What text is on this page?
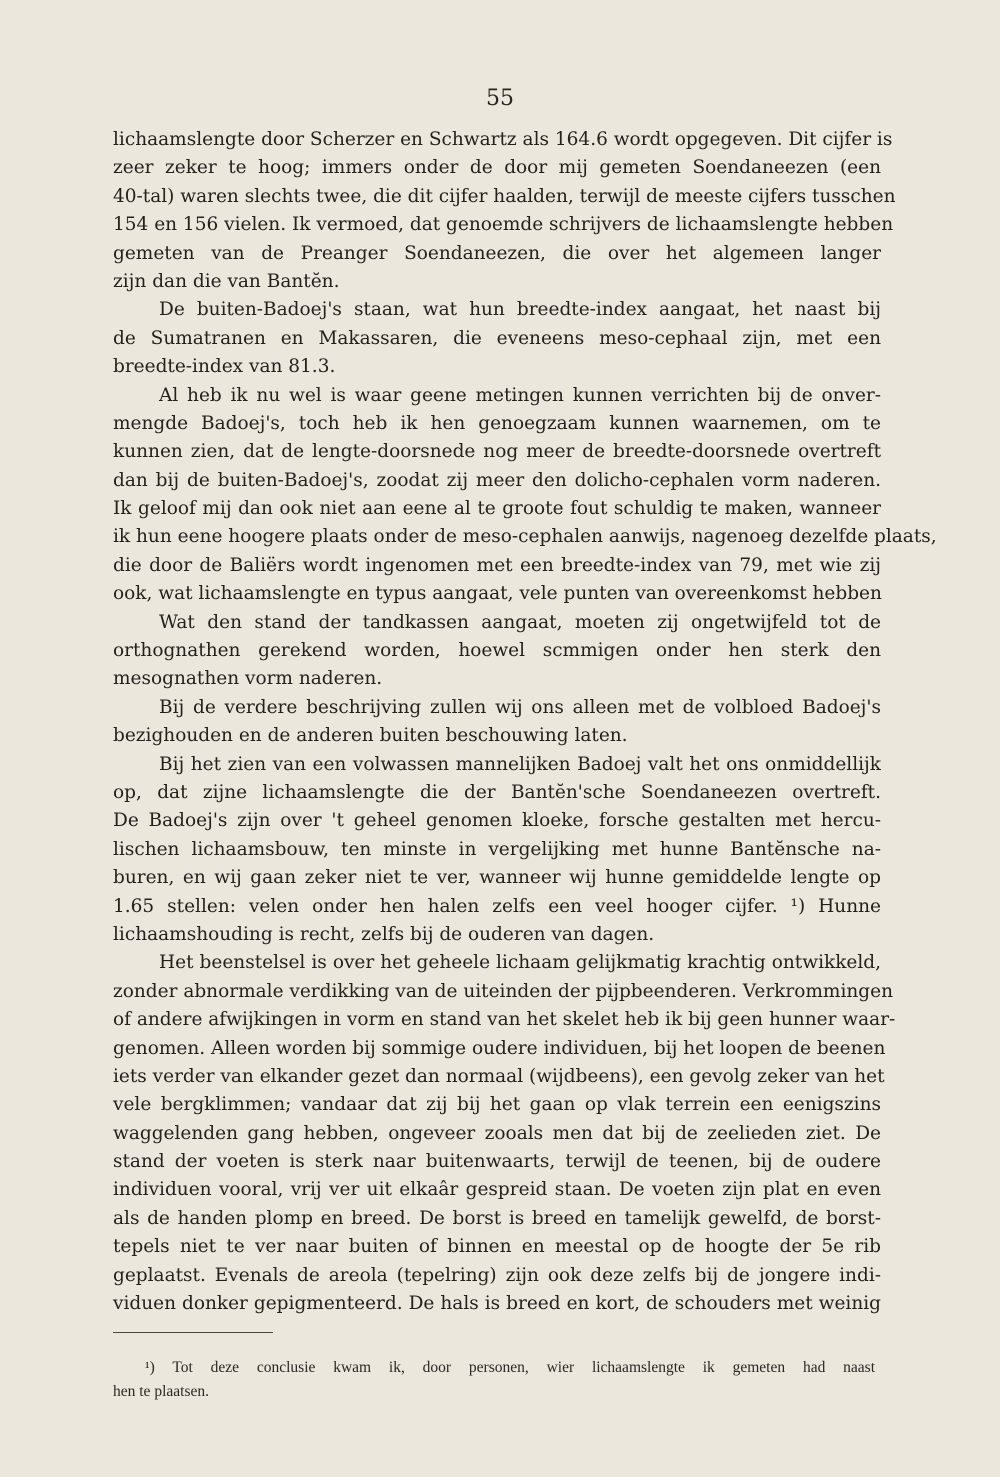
55
lichaamslengte door Scherzer en Schwartz als 164.6 wordt opgegeven. Dit cijfer is
zeer zeker te hoog; immers onder de door mij gemeten Soendaneezen (een
40-tal) waren slechts twee, die dit cijfer haalden, terwijl de meeste cijfers tusschen
154 en 156 vielen. Ik vermoed, dat genoemde schrijvers de lichaamslengte hebben
gemeten van de Preanger Soendaneezen, die over het algemeen langer
zijn dan die van Bantĕn.
De buiten-Badoej's staan, wat hun breedte-index aangaat, het naast bij
de Sumatranen en Makassaren, die eveneens meso-cephaal zijn, met een
breedte-index van 81.3.
Al heb ik nu wel is waar geene metingen kunnen verrichten bij de onver-
mengde Badoej's, toch heb ik hen genoegzaam kunnen waarnemen, om te
kunnen zien, dat de lengte-doorsnede nog meer de breedte-doorsnede overtreft
dan bij de buiten-Badoej's, zoodat zij meer den dolicho-cephalen vorm naderen.
Ik geloof mij dan ook niet aan eene al te groote fout schuldig te maken, wanneer
ik hun eene hoogere plaats onder de meso-cephalen aanwijs, nagenoeg dezelfde plaats,
die door de Baliërs wordt ingenomen met een breedte-index van 79, met wie zij
ook, wat lichaamslengte en typus aangaat, vele punten van overeenkomst hebben
Wat den stand der tandkassen aangaat, moeten zij ongetwijfeld tot de
orthognathen gerekend worden, hoewel scmmigen onder hen sterk den
mesognathen vorm naderen.
Bij de verdere beschrijving zullen wij ons alleen met de volbloed Badoej's
bezighouden en de anderen buiten beschouwing laten.
Bij het zien van een volwassen mannelijken Badoej valt het ons onmiddellijk
op, dat zijne lichaamslengte die der Bantĕn'sche Soendaneezen overtreft.
De Badoej's zijn over 't geheel genomen kloeke, forsche gestalten met hercu-
lischen lichaamsbouw, ten minste in vergelijking met hunne Bantĕnsche na-
buren, en wij gaan zeker niet te ver, wanneer wij hunne gemiddelde lengte op
1.65 stellen: velen onder hen halen zelfs een veel hooger cijfer. ¹) Hunne
lichaamshouding is recht, zelfs bij de ouderen van dagen.
Het beenstelsel is over het geheele lichaam gelijkmatig krachtig ontwikkeld,
zonder abnormale verdikking van de uiteinden der pijpbeenderen. Verkrommingen
of andere afwijkingen in vorm en stand van het skelet heb ik bij geen hunner waar-
genomen. Alleen worden bij sommige oudere individuen, bij het loopen de beenen
iets verder van elkander gezet dan normaal (wijdbeens), een gevolg zeker van het
vele bergklimmen; vandaar dat zij bij het gaan op vlak terrein een eenigszins
waggelenden gang hebben, ongeveer zooals men dat bij de zeelieden ziet. De
stand der voeten is sterk naar buitenwaarts, terwijl de teenen, bij de oudere
individuen vooral, vrij ver uit elkaâr gespreid staan. De voeten zijn plat en even
als de handen plomp en breed. De borst is breed en tamelijk gewelfd, de borst-
tepels niet te ver naar buiten of binnen en meestal op de hoogte der 5e rib
geplaatst. Evenals de areola (tepelring) zijn ook deze zelfs bij de jongere indi-
viduen donker gepigmenteerd. De hals is breed en kort, de schouders met weinig
¹) Tot deze conclusie kwam ik, door personen, wier lichaamslengte ik gemeten had naast
hen te plaatsen.
